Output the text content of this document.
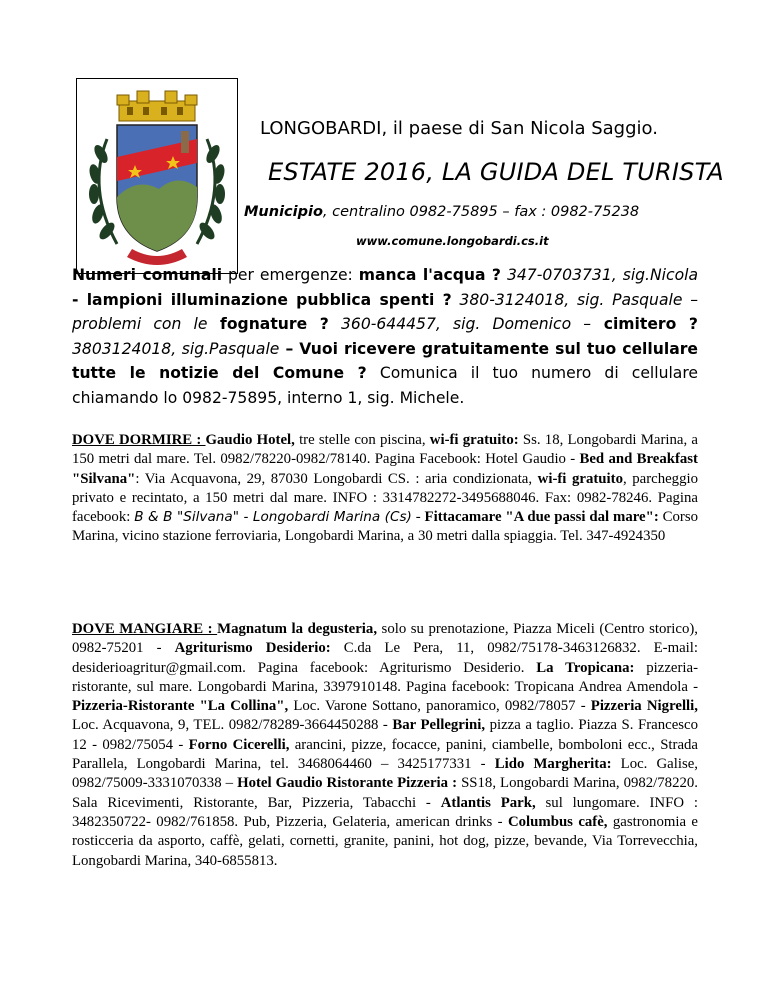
LONGOBARDI, il paese di San Nicola Saggio.
ESTATE 2016, LA GUIDA DEL TURISTA
Municipio, centralino 0982-75895 – fax : 0982-75238
www.comune.longobardi.cs.it
Numeri comunali per emergenze: manca l'acqua ? 347-0703731, sig.Nicola - lampioni illuminazione pubblica spenti ? 380-3124018, sig. Pasquale – problemi con le fognature ? 360-644457, sig. Domenico – cimitero ? 3803124018, sig.Pasquale – Vuoi ricevere gratuitamente sul tuo cellulare tutte le notizie del Comune ? Comunica il tuo numero di cellulare chiamando lo 0982-75895, interno 1, sig. Michele.
DOVE DORMIRE : Gaudio Hotel, tre stelle con piscina, wi-fi gratuito: Ss. 18, Longobardi Marina, a 150 metri dal mare. Tel. 0982/78220-0982/78140. Pagina Facebook: Hotel Gaudio - Bed and Breakfast "Silvana": Via Acquavona, 29, 87030 Longobardi CS. : aria condizionata, wi-fi gratuito, parcheggio privato e recintato, a 150 metri dal mare. INFO : 3314782272-3495688046. Fax: 0982-78246. Pagina facebook: B & B "Silvana" - Longobardi Marina (Cs) - Fittacamare "A due passi dal mare": Corso Marina, vicino stazione ferroviaria, Longobardi Marina, a 30 metri dalla spiaggia. Tel. 347-4924350
DOVE MANGIARE : Magnatum la degusteria, solo su prenotazione, Piazza Miceli (Centro storico), 0982-75201 - Agriturismo Desiderio: C.da Le Pera, 11, 0982/75178-3463126832. E-mail: desiderioagritur@gmail.com. Pagina facebook: Agriturismo Desiderio. La Tropicana: pizzeria-ristorante, sul mare. Longobardi Marina, 3397910148. Pagina facebook: Tropicana Andrea Amendola - Pizzeria-Ristorante "La Collina", Loc. Varone Sottano, panoramico, 0982/78057 - Pizzeria Nigrelli, Loc. Acquavona, 9, TEL. 0982/78289-3664450288 - Bar Pellegrini, pizza a taglio. Piazza S. Francesco 12 - 0982/75054 - Forno Cicerelli, arancini, pizze, focacce, panini, ciambelle, bomboloni ecc., Strada Parallela, Longobardi Marina, tel. 3468064460 – 3425177331 - Lido Margherita: Loc. Galise, 0982/75009-3331070338 – Hotel Gaudio Ristorante Pizzeria : SS18, Longobardi Marina, 0982/78220. Sala Ricevimenti, Ristorante, Bar, Pizzeria, Tabacchi - Atlantis Park, sul lungomare. INFO : 3482350722- 0982/761858. Pub, Pizzeria, Gelateria, american drinks - Columbus cafè, gastronomia e rosticceria da asporto, caffè, gelati, cornetti, granite, panini, hot dog, pizze, bevande, Via Torrevecchia, Longobardi Marina, 340-6855813.
